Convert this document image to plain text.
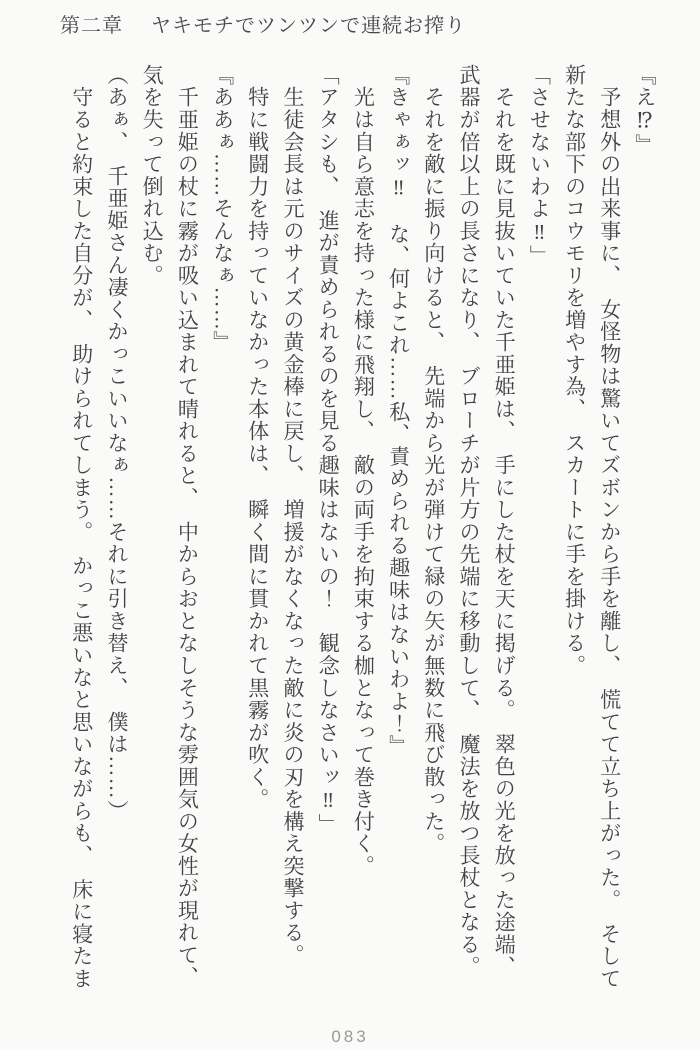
第二章 ヤキモチでツンツンで連続お搾り
『え⁉』
　予想外の出来事に、　女怪物は驚いてズボンから手を離し、　慌てて立ち上がった。　そして
新たな部下のコウモリを増やす為、　スカートに手を掛ける。
「させないわよ‼」
　それを既に見抜いていた千亜姫は、　手にした杖を天に掲げる。　翠色の光を放った途端、
武器が倍以上の長さになり、　ブローチが片方の先端に移動して、　魔法を放つ長杖となる。
　それを敵に振り向けると、　先端から光が弾けて緑の矢が無数に飛び散った。
『きゃぁッ‼　な、何よこれ……私、責められる趣味はないわよ！』
　光は自ら意志を持った様に飛翔し、　敵の両手を拘束する枷となって巻き付く。
「アタシも、　進が責められるのを見る趣味はないの！　観念しなさいッ‼」
　生徒会長は元のサイズの黄金棒に戻し、　増援がなくなった敵に炎の刃を構え突撃する。
　特に戦闘力を持っていなかった本体は、　瞬く間に貫かれて黒霧が吹く。
『ああぁ……そんなぁ……』
　千亜姫の杖に霧が吸い込まれて晴れると、　中からおとなしそうな雰囲気の女性が現れて、
気を失って倒れ込む。
（あぁ、　千亜姫さん凄くかっこいいなぁ……それに引き替え、　僕は……）
　守ると約束した自分が、　助けられてしまう。　かっこ悪いなと思いながらも、　床に寝たま
083
